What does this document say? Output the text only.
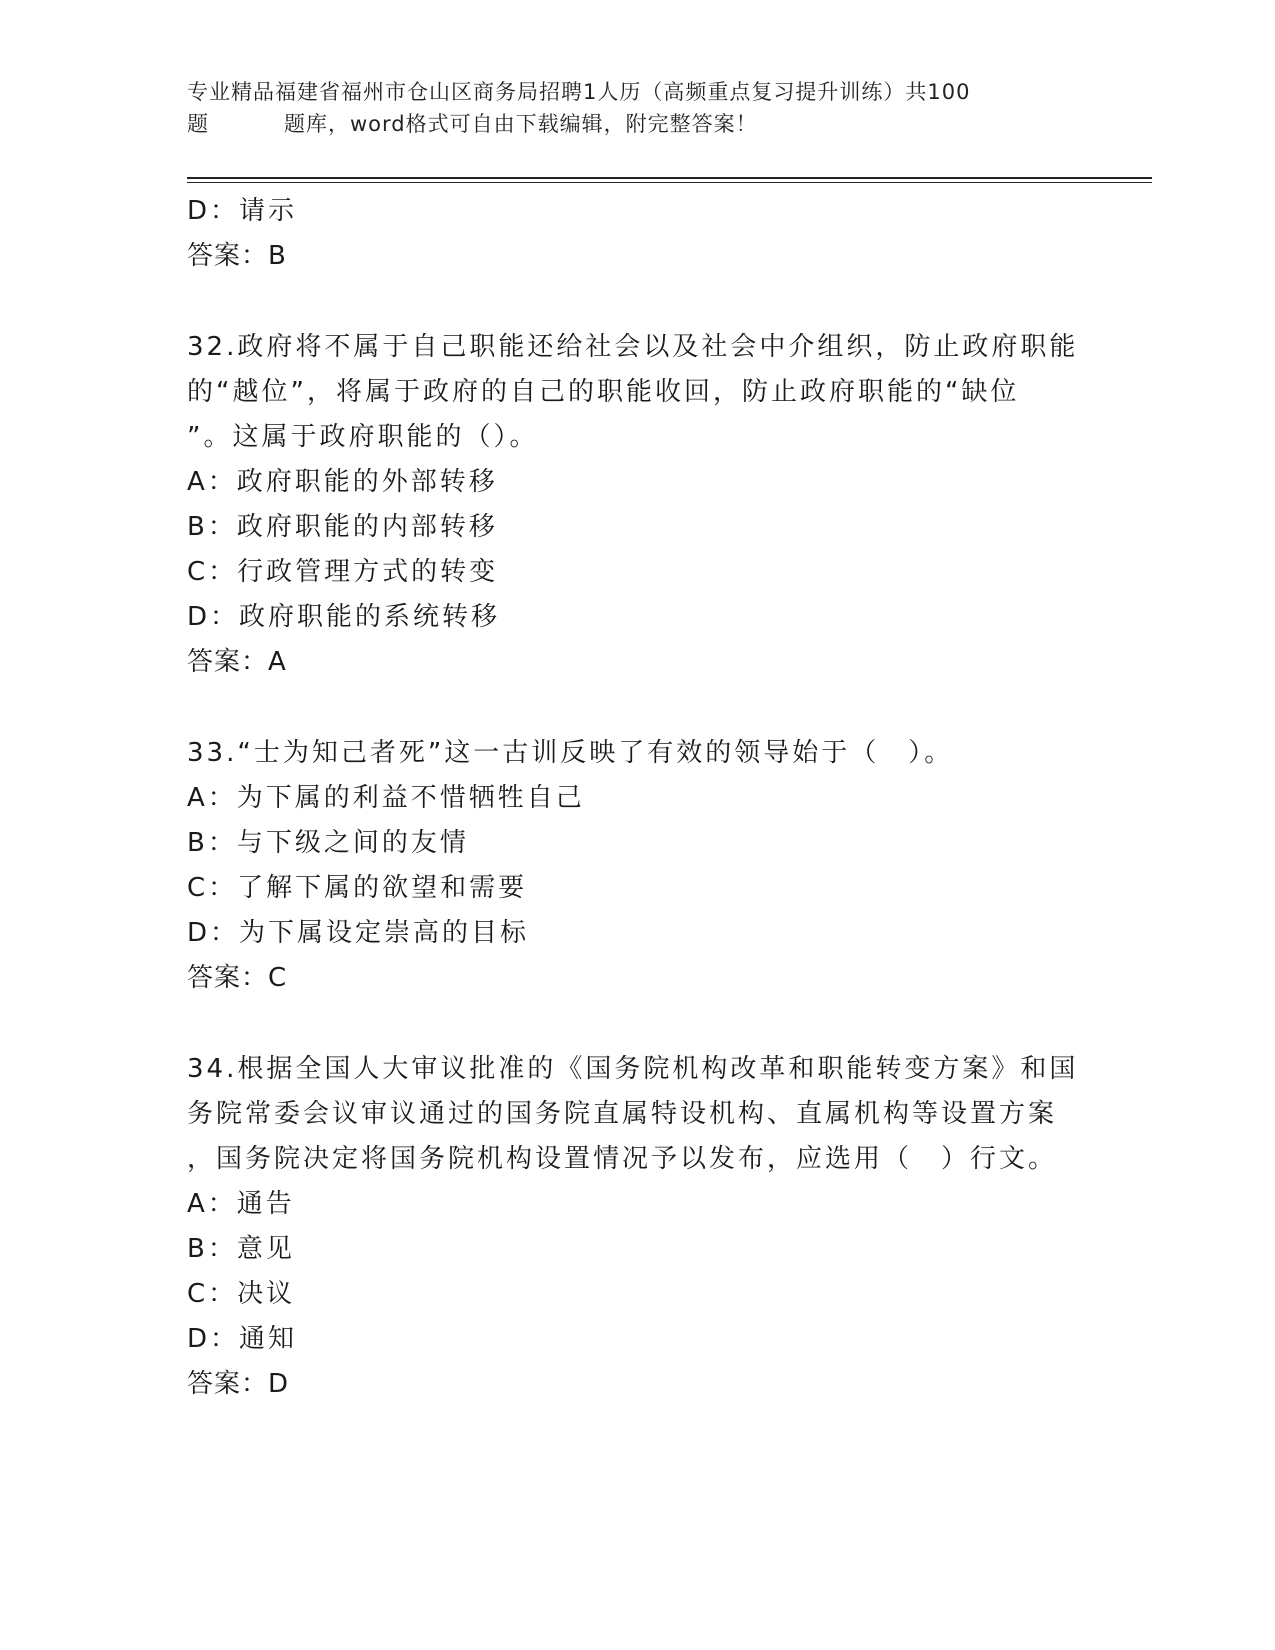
专业精品福建省福州市仓山区商务局招聘1人历（高频重点复习提升训练）共100
题	题库，word格式可自由下载编辑，附完整答案！
D：请示
答案：B
32.政府将不属于自己职能还给社会以及社会中介组织，防止政府职能
的“越位”，将属于政府的自己的职能收回，防止政府职能的“缺位
”。这属于政府职能的（）。
A：政府职能的外部转移
B：政府职能的内部转移
C：行政管理方式的转变
D：政府职能的系统转移
答案：A
33.“士为知己者死”这一古训反映了有效的领导始于（　）。
A：为下属的利益不惜牺牲自己
B：与下级之间的友情
C：了解下属的欲望和需要
D：为下属设定崇高的目标
答案：C
34.根据全国人大审议批准的《国务院机构改革和职能转变方案》和国
务院常委会议审议通过的国务院直属特设机构、直属机构等设置方案
，国务院决定将国务院机构设置情况予以发布，应选用（　）行文。
A：通告
B：意见
C：决议
D：通知
答案：D
